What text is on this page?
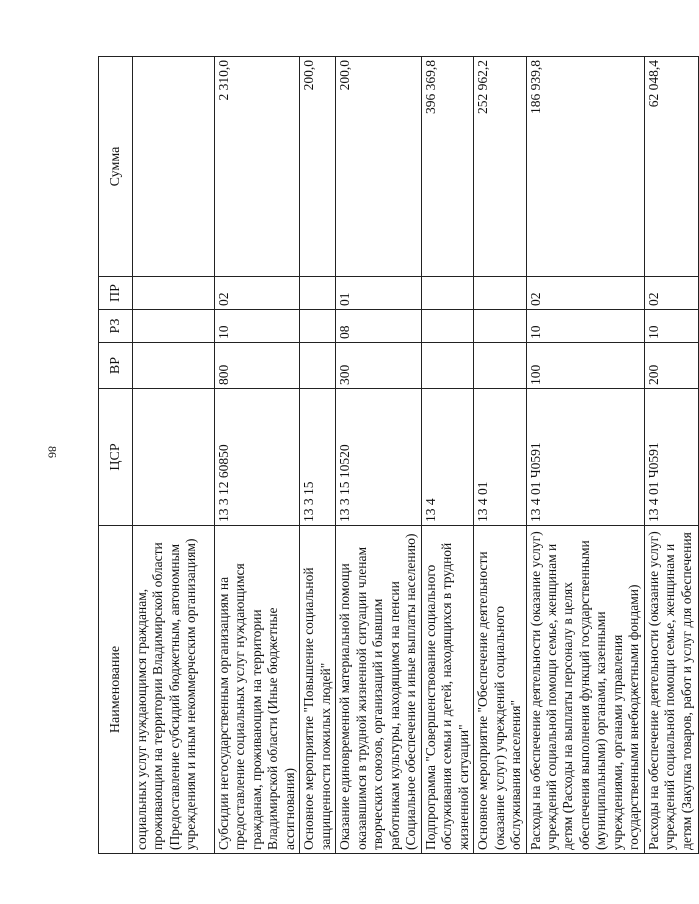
86
Наименование	ЦСР	ВР	РЗ	ПР	Сумма
социальных услуг нуждающимся гражданам, проживающим на территории Владимирской области (Предоставление субсидий бюджетным, автономным учреждениям и иным некоммерческим организациям)					
Субсидии негосударственным организациям на предоставление социальных услуг нуждающимся гражданам, проживающим на территории Владимирской области (Иные бюджетные ассигнования)	13 3 12 60850	800	10	02	2 310,0
Основное мероприятие "Повышение социальной защищенности пожилых людей"	13 3 15				200,0
Оказание единовременной материальной помощи оказавшимся в трудной жизненной ситуации членам творческих союзов, организаций и бывшим работникам культуры, находящимся на пенсии (Социальное обеспечение и иные выплаты населению)	13 3 15 10520	300	08	01	200,0
Подпрограмма "Совершенствование социального обслуживания семьи и детей, находящихся в трудной жизненной ситуации"	13 4				396 369,8
Основное мероприятие "Обеспечение деятельности (оказание услуг) учреждений социального обслуживания населения"	13 4 01				252 962,2
Расходы на обеспечение деятельности (оказание услуг) учреждений социальной помощи семье, женщинам и детям (Расходы на выплаты персоналу в целях обеспечения выполнения функций государственными (муниципальными) органами, казенными учреждениями, органами управления государственными внебюджетными фондами)	13 4 01 Ч0591	100	10	02	186 939,8
Расходы на обеспечение деятельности (оказание услуг) учреждений социальной помощи семье, женщинам и детям (Закупка товаров, работ и услуг для обеспечения	13 4 01 Ч0591	200	10	02	62 048,4
